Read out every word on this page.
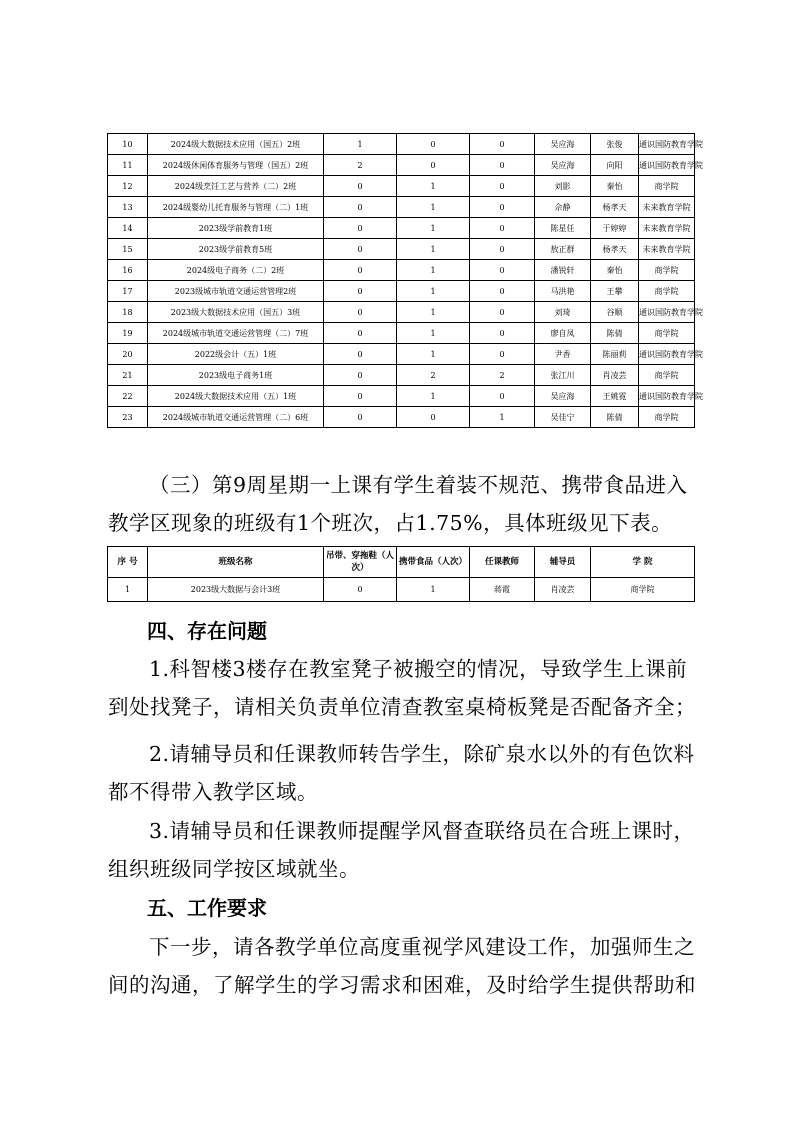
10	2024级大数据技术应用（国五）2班	1	0	0	吴应海	张俊	通识国防教育学院
11	2024级休闲体育服务与管理（国五）2班	2	0	0	吴应海	向阳	通识国防教育学院
12	2024级烹饪工艺与营养（二）2班	0	1	0	刘影	秦怡	商学院
13	2024级婴幼儿托育服务与管理（二）1班	0	1	0	佘静	杨孝天	未来教育学院
14	2023级学前教育1班	0	1	0	陈星任	于婷婷	未来教育学院
15	2023级学前教育5班	0	1	0	敖正群	杨孝天	未来教育学院
16	2024级电子商务（二）2班	0	1	0	潘锐轩	秦怡	商学院
17	2023级城市轨道交通运营管理2班	0	1	0	马洪艳	王攀	商学院
18	2023级大数据技术应用（国五）3班	0	1	0	刘琦	谷顺	通识国防教育学院
19	2024级城市轨道交通运营管理（二）7班	0	1	0	廖自凤	陈倩	商学院
20	2022级会计（五）1班	0	1	0	尹香	陈丽莉	通识国防教育学院
21	2023级电子商务1班	0	2	2	张江川	肖凌芸	商学院
22	2024级大数据技术应用（五）1班	0	1	0	吴应海	王姚霓	通识国防教育学院
23	2024级城市轨道交通运营管理（二）6班	0	0	1	吴佳宁	陈倩	商学院

（三）第9周星期一上课有学生着装不规范、携带食品进入教学区现象的班级有1个班次，占1.75%，具体班级见下表。

序 号	班级名称	吊带、穿拖鞋（人次）	携带食品（人次）	任课教师	辅导员	学 院
1	2023级大数据与会计3班	0	1	蒋霞	肖凌芸	商学院

四、存在问题

1.科智楼3楼存在教室凳子被搬空的情况，导致学生上课前到处找凳子，请相关负责单位清查教室桌椅板凳是否配备齐全；

2.请辅导员和任课教师转告学生，除矿泉水以外的有色饮料都不得带入教学区域。

3.请辅导员和任课教师提醒学风督查联络员在合班上课时，组织班级同学按区域就坐。

五、工作要求

下一步，请各教学单位高度重视学风建设工作，加强师生之间的沟通，了解学生的学习需求和困难，及时给学生提供帮助和
